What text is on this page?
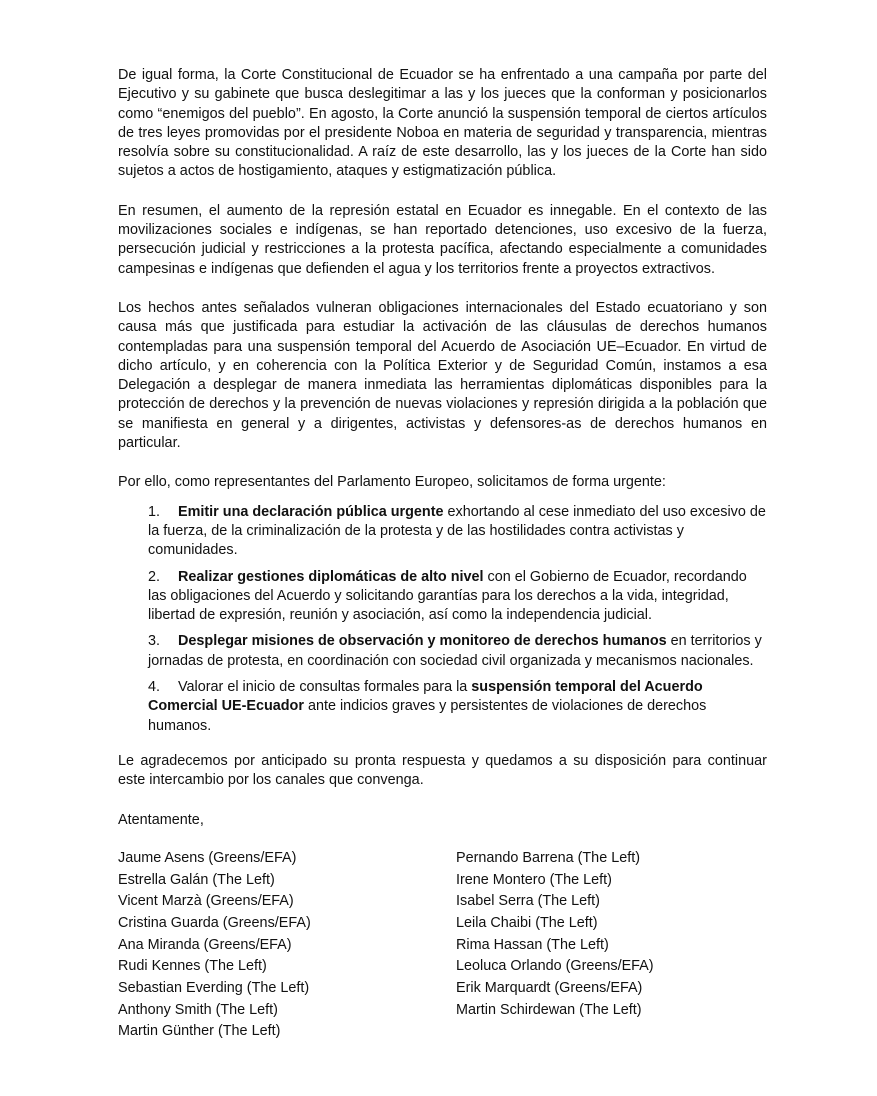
De igual forma, la Corte Constitucional de Ecuador se ha enfrentado a una campaña por parte del Ejecutivo y su gabinete que busca deslegitimar a las y los jueces que la conforman y posicionarlos como “enemigos del pueblo”. En agosto, la Corte anunció la suspensión temporal de ciertos artículos de tres leyes promovidas por el presidente Noboa en materia de seguridad y transparencia, mientras resolvía sobre su constitucionalidad. A raíz de este desarrollo, las y los jueces de la Corte han sido sujetos a actos de hostigamiento, ataques y estigmatización pública.

En resumen, el aumento de la represión estatal en Ecuador es innegable. En el contexto de las movilizaciones sociales e indígenas, se han reportado detenciones, uso excesivo de la fuerza, persecución judicial y restricciones a la protesta pacífica, afectando especialmente a comunidades campesinas e indígenas que defienden el agua y los territorios frente a proyectos extractivos.

Los hechos antes señalados vulneran obligaciones internacionales del Estado ecuatoriano y son causa más que justificada para estudiar la activación de las cláusulas de derechos humanos contempladas para una suspensión temporal del Acuerdo de Asociación UE–Ecuador. En virtud de dicho artículo, y en coherencia con la Política Exterior y de Seguridad Común, instamos a esa Delegación a desplegar de manera inmediata las herramientas diplomáticas disponibles para la protección de derechos y la prevención de nuevas violaciones y represión dirigida a la población que se manifiesta en general y a dirigentes, activistas y defensores-as de derechos humanos en particular.

Por ello, como representantes del Parlamento Europeo, solicitamos de forma urgente:

1. Emitir una declaración pública urgente exhortando al cese inmediato del uso excesivo de la fuerza, de la criminalización de la protesta y de las hostilidades contra activistas y comunidades.
2. Realizar gestiones diplomáticas de alto nivel con el Gobierno de Ecuador, recordando las obligaciones del Acuerdo y solicitando garantías para los derechos a la vida, integridad, libertad de expresión, reunión y asociación, así como la independencia judicial.
3. Desplegar misiones de observación y monitoreo de derechos humanos en territorios y jornadas de protesta, en coordinación con sociedad civil organizada y mecanismos nacionales.
4. Valorar el inicio de consultas formales para la suspensión temporal del Acuerdo Comercial UE-Ecuador ante indicios graves y persistentes de violaciones de derechos humanos.

Le agradecemos por anticipado su pronta respuesta y quedamos a su disposición para continuar este intercambio por los canales que convenga.

Atentamente,

Jaume Asens (Greens/EFA)
Estrella Galán (The Left)
Vicent Marzà (Greens/EFA)
Cristina Guarda (Greens/EFA)
Ana Miranda (Greens/EFA)
Rudi Kennes (The Left)
Sebastian Everding (The Left)
Anthony Smith (The Left)
Martin Günther (The Left)
Pernando Barrena (The Left)
Irene Montero (The Left)
Isabel Serra (The Left)
Leila Chaibi (The Left)
Rima Hassan (The Left)
Leoluca Orlando (Greens/EFA)
Erik Marquardt (Greens/EFA)
Martin Schirdewan (The Left)
